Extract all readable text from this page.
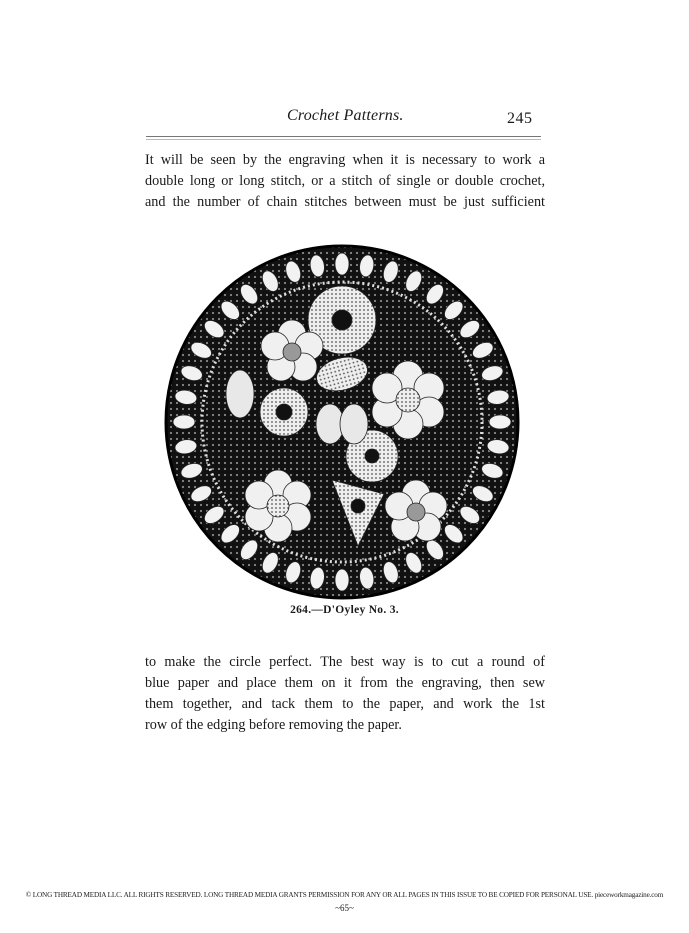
Crochet Patterns.	245
It will be seen by the engraving when it is necessary to work a
double long or long stitch, or a stitch of single or double crochet,
and the number of chain stitches between must be just sufficient
264.—D'Oyley No. 3.
to make the circle perfect. The best way is to cut a round of
blue paper and place them on it from the engraving, then sew
them together, and tack them to the paper, and work the 1st
row of the edging before removing the paper.
© LONG THREAD MEDIA LLC. ALL RIGHTS RESERVED. LONG THREAD MEDIA GRANTS PERMISSION FOR ANY OR ALL PAGES IN THIS ISSUE TO BE COPIED FOR PERSONAL USE. pieceworkmagazine.com
~65~
